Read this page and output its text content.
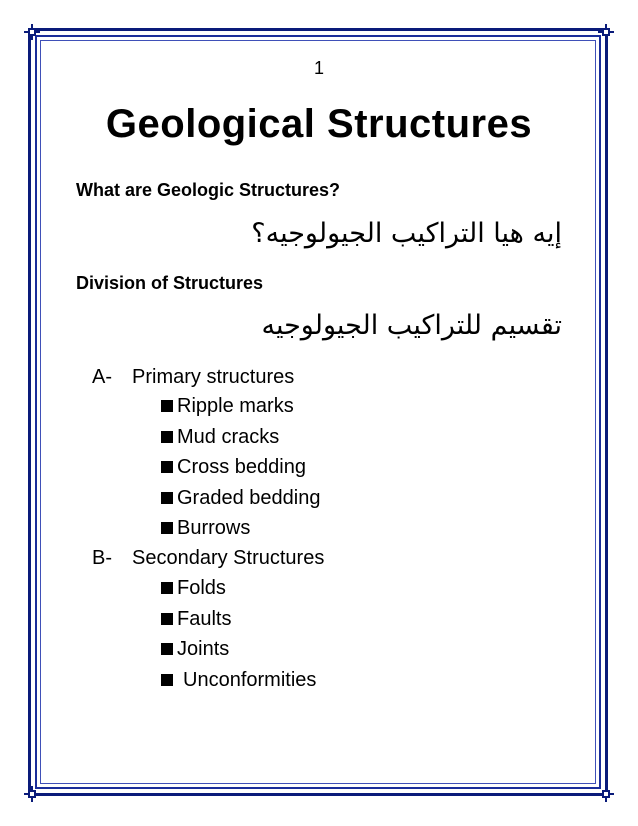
1
Geological Structures
What are Geologic Structures?
إيه هيا التراكيب الجيولوجيه؟
Division of Structures
تقسيم للتراكيب الجيولوجيه
A- Primary structures
Ripple marks
Mud cracks
Cross bedding
Graded bedding
Burrows
B- Secondary Structures
Folds
Faults
Joints
Unconformities
